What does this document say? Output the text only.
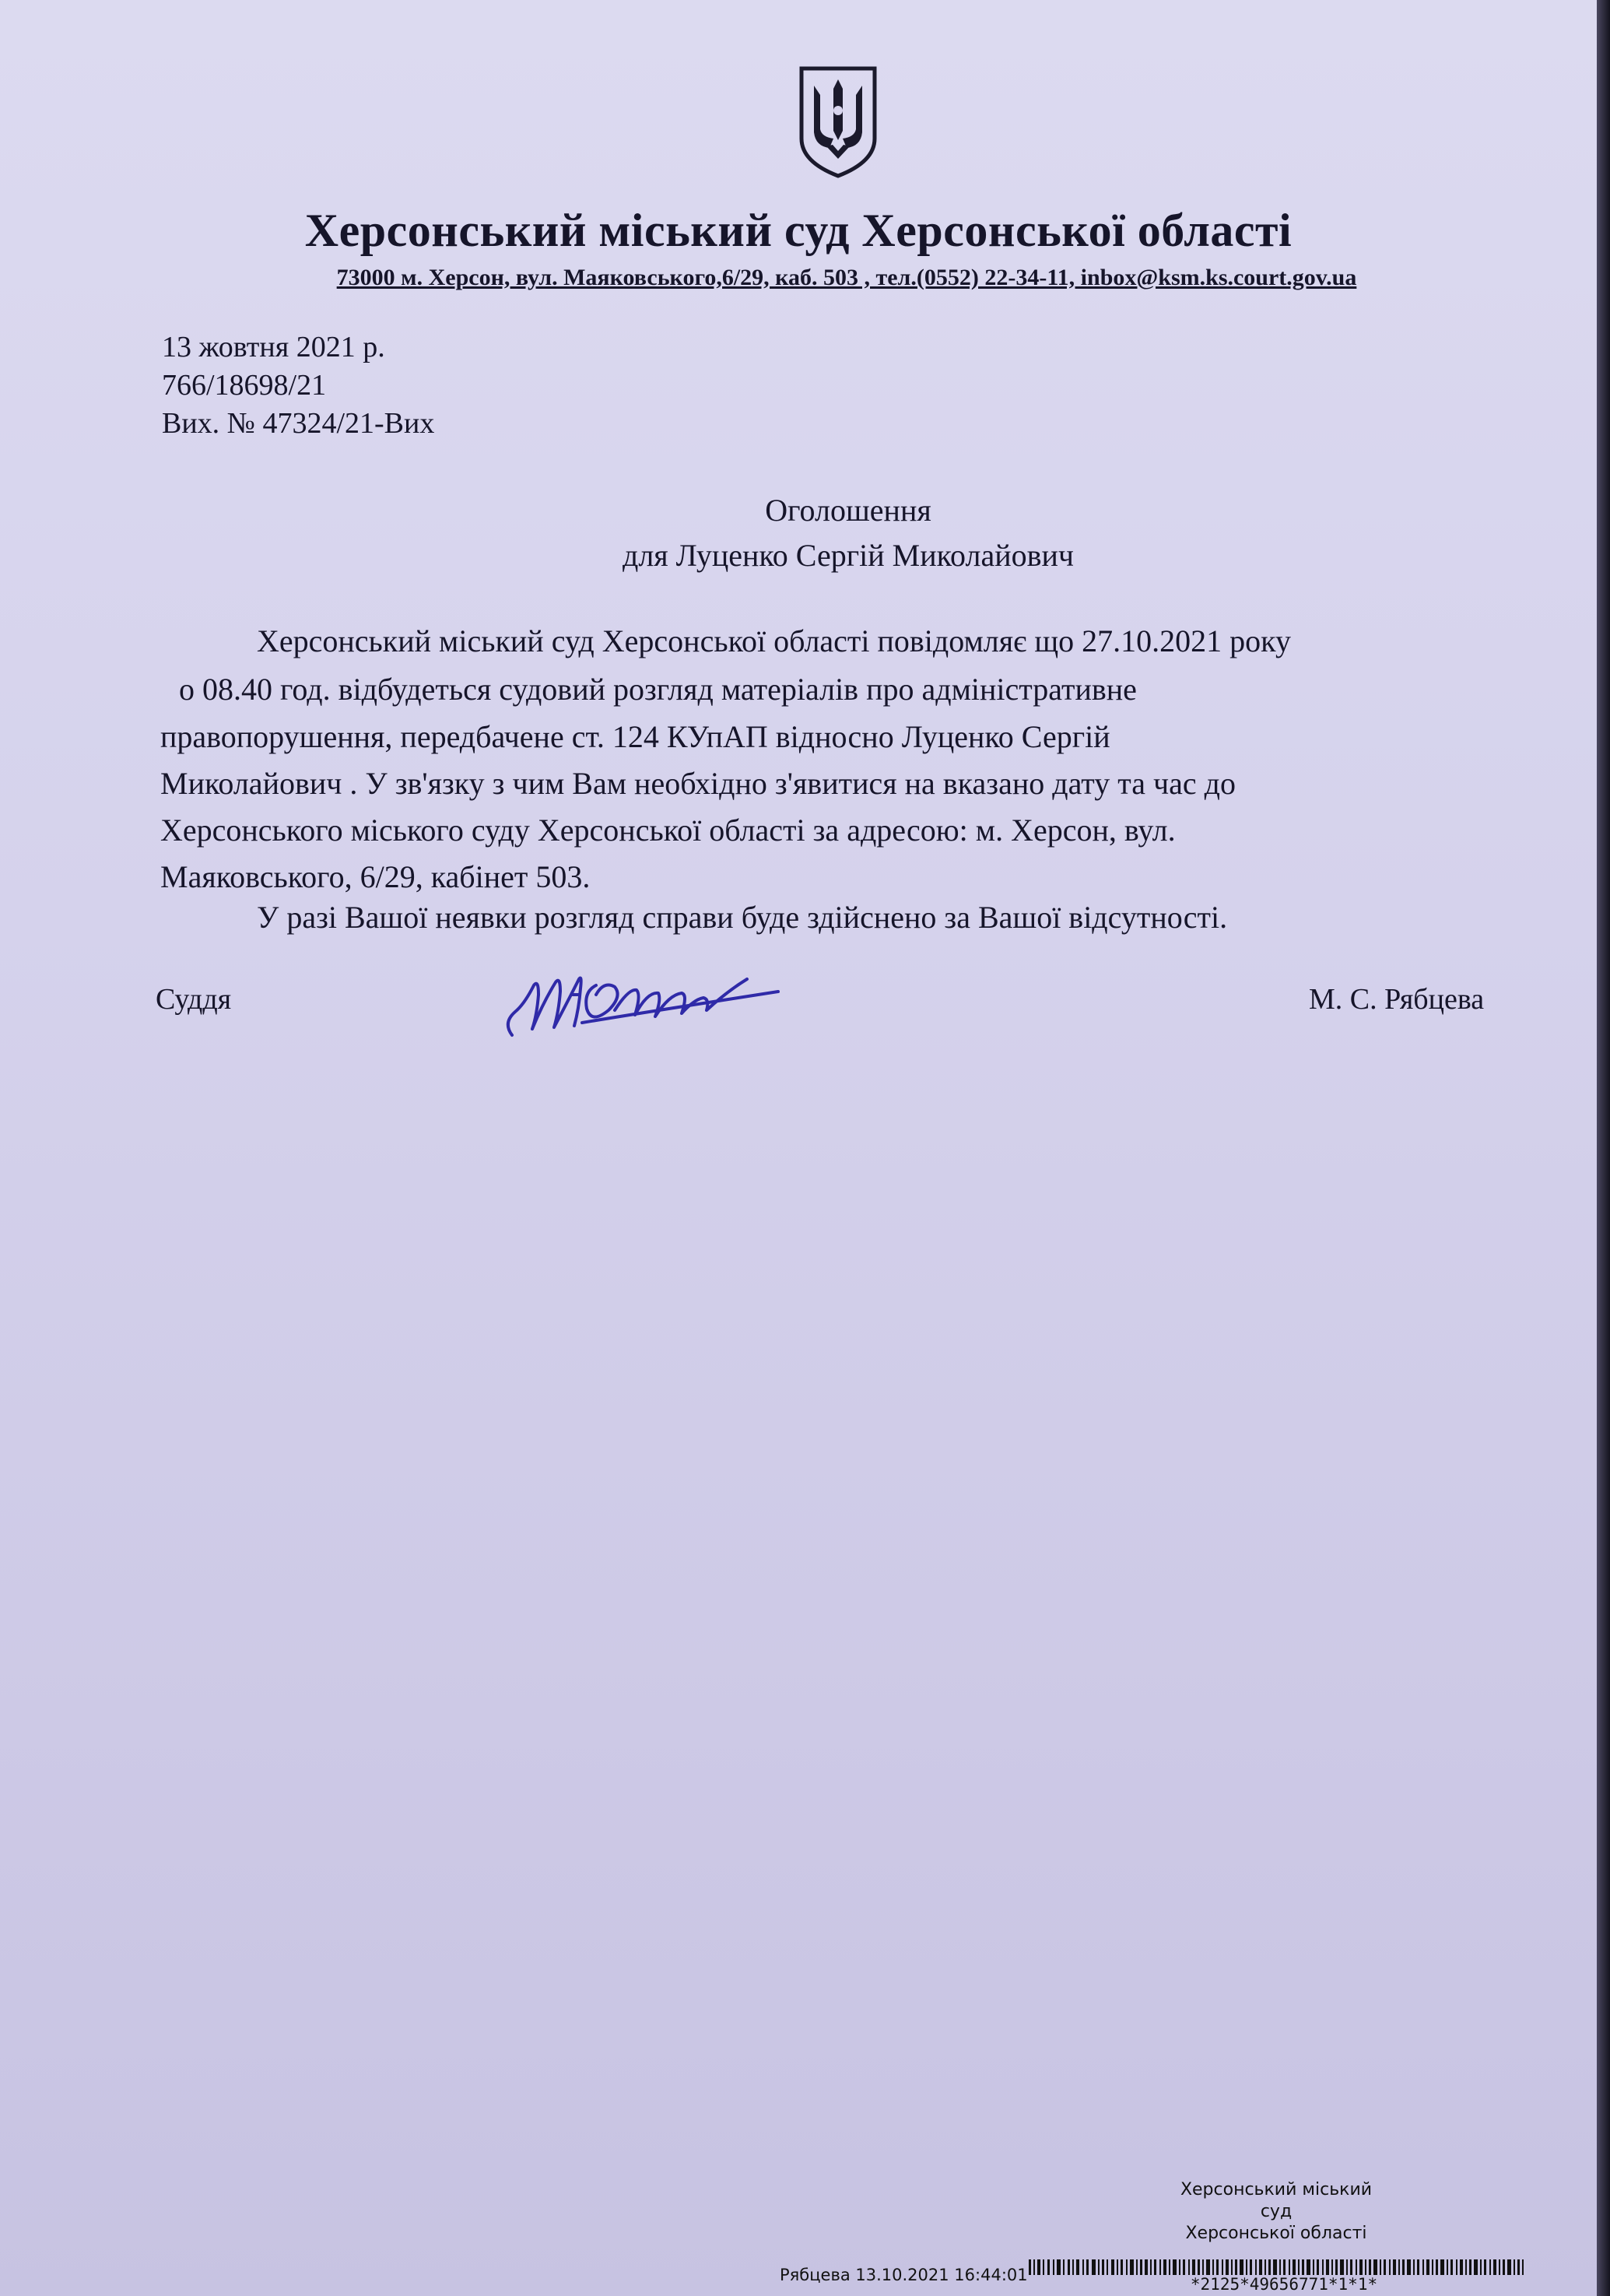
Херсонський міський суд Херсонської області
73000 м. Херсон, вул. Маяковського,6/29, каб. 503 , тел.(0552) 22-34-11, inbox@ksm.ks.court.gov.ua
13 жовтня 2021 р.
766/18698/21
Вих. № 47324/21-Вих
Оголошення
для Луценко Сергій Миколайович
Херсонський міський суд Херсонської області повідомляє що 27.10.2021 року
о 08.40 год. відбудеться судовий розгляд матеріалів про адміністративне
правопорушення, передбачене ст. 124 КУпАП відносно Луценко Сергій
Миколайович . У зв'язку з чим Вам необхідно з'явитися на вказано дату та час до
Херсонського міського суду Херсонської області за адресою: м. Херсон, вул.
Маяковського, 6/29, кабінет 503.
У разі Вашої неявки розгляд справи буде здійснено за Вашої відсутності.
Суддя	М. С. Рябцева
Херсонський міський суд
Херсонської області
Рябцева 13.10.2021 16:44:01	*2125*49656771*1*1*
